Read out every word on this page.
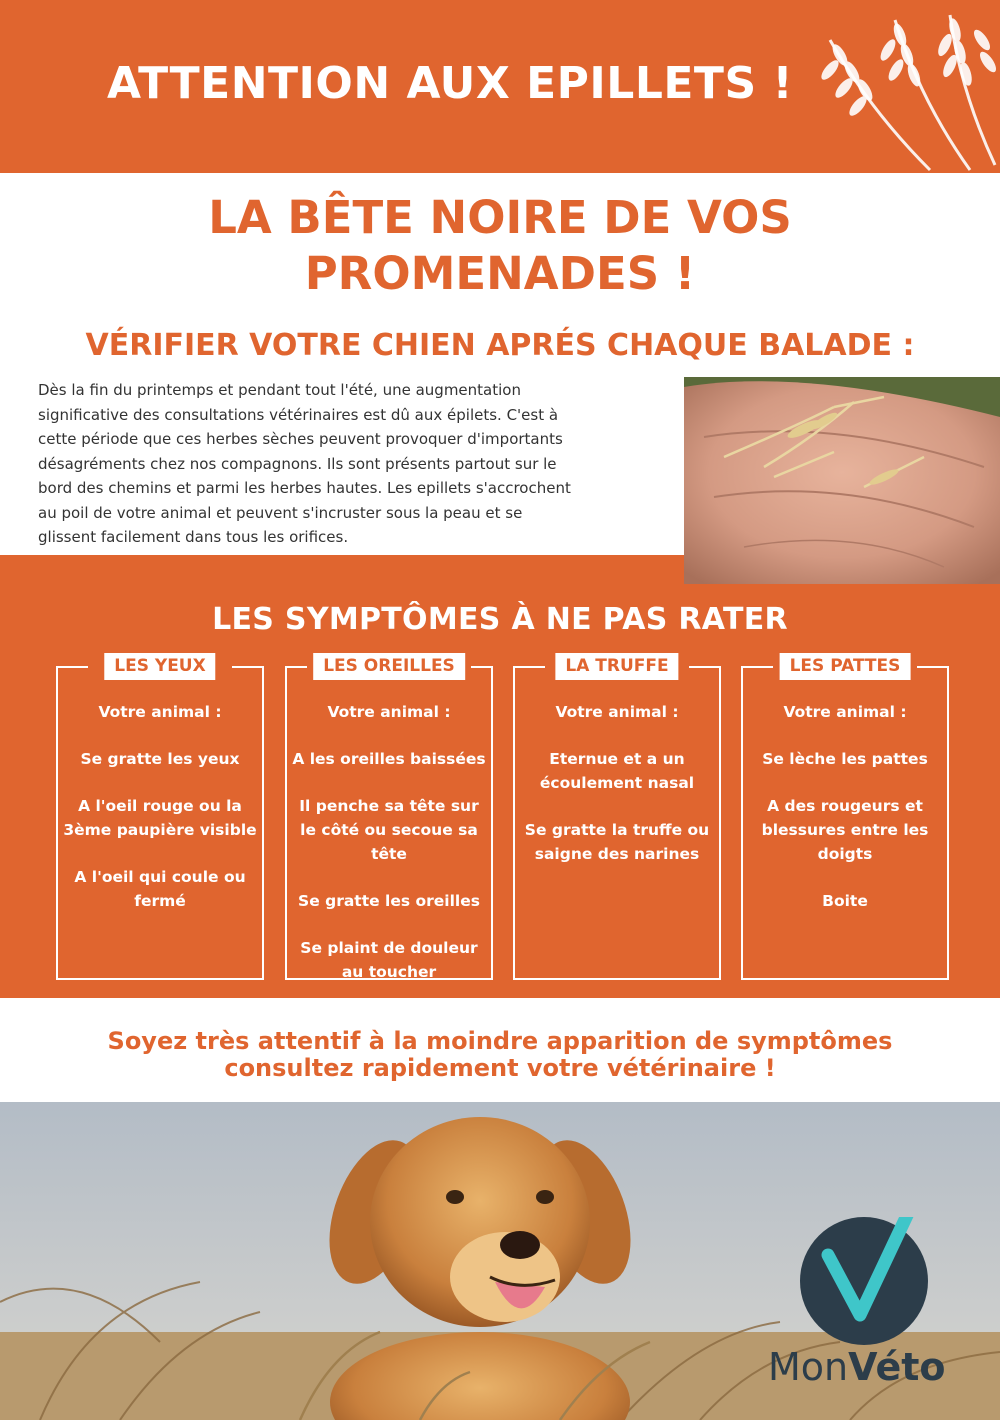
ATTENTION AUX EPILLETS !
LA BÊTE NOIRE DE VOS
PROMENADES !
VÉRIFIER VOTRE CHIEN APRÉS CHAQUE BALADE :
Dès la fin du printemps et pendant tout l'été, une augmentation
significative des consultations vétérinaires est dû aux épilets. C'est à
cette période que ces herbes sèches peuvent provoquer d'importants
désagréments chez nos compagnons. Ils sont présents partout sur le
bord des chemins et parmi les herbes hautes. Les epillets s'accrochent
au poil de votre animal et peuvent s'incruster sous la peau et se
glissent facilement dans tous les orifices.
LES SYMPTÔMES À NE PAS RATER
LES YEUX
Votre animal :
Se gratte les yeux
A l'oeil rouge ou la 3ème paupière visible
A l'oeil qui coule ou fermé
LES OREILLES
Votre animal :
A les oreilles baissées
Il penche sa tête sur le côté ou secoue sa tête
Se gratte les oreilles
Se plaint de douleur au toucher
LA TRUFFE
Votre animal :
Eternue et a un écoulement nasal
Se gratte la truffe ou saigne des narines
LES PATTES
Votre animal :
Se lèche les pattes
A des rougeurs et blessures entre les doigts
Boite
Soyez très attentif à la moindre apparition de symptômes
consultez rapidement votre vétérinaire !
MonVéto
